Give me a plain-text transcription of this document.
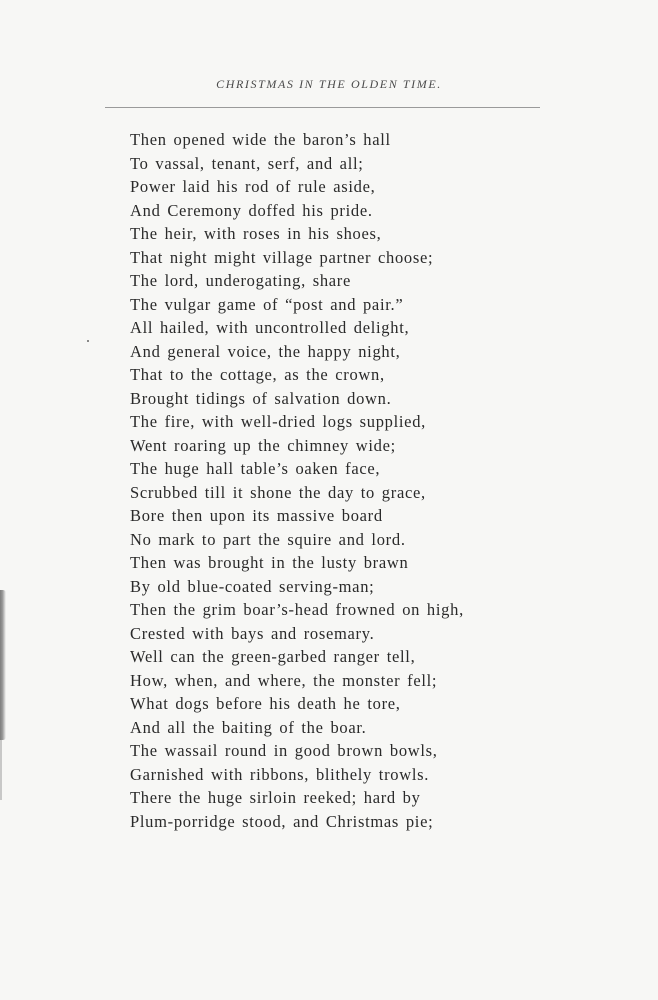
CHRISTMAS IN THE OLDEN TIME.
Then opened wide the baron’s hall
To vassal, tenant, serf, and all;
Power laid his rod of rule aside,
And Ceremony doffed his pride.
The heir, with roses in his shoes,
That night might village partner choose;
The lord, underogating, share
The vulgar game of “post and pair.”
All hailed, with uncontrolled delight,
And general voice, the happy night,
That to the cottage, as the crown,
Brought tidings of salvation down.
The fire, with well-dried logs supplied,
Went roaring up the chimney wide;
The huge hall table’s oaken face,
Scrubbed till it shone the day to grace,
Bore then upon its massive board
No mark to part the squire and lord.
Then was brought in the lusty brawn
By old blue-coated serving-man;
Then the grim boar’s-head frowned on high,
Crested with bays and rosemary.
Well can the green-garbed ranger tell,
How, when, and where, the monster fell;
What dogs before his death he tore,
And all the baiting of the boar.
The wassail round in good brown bowls,
Garnished with ribbons, blithely trowls.
There the huge sirloin reeked; hard by
Plum-porridge stood, and Christmas pie;
